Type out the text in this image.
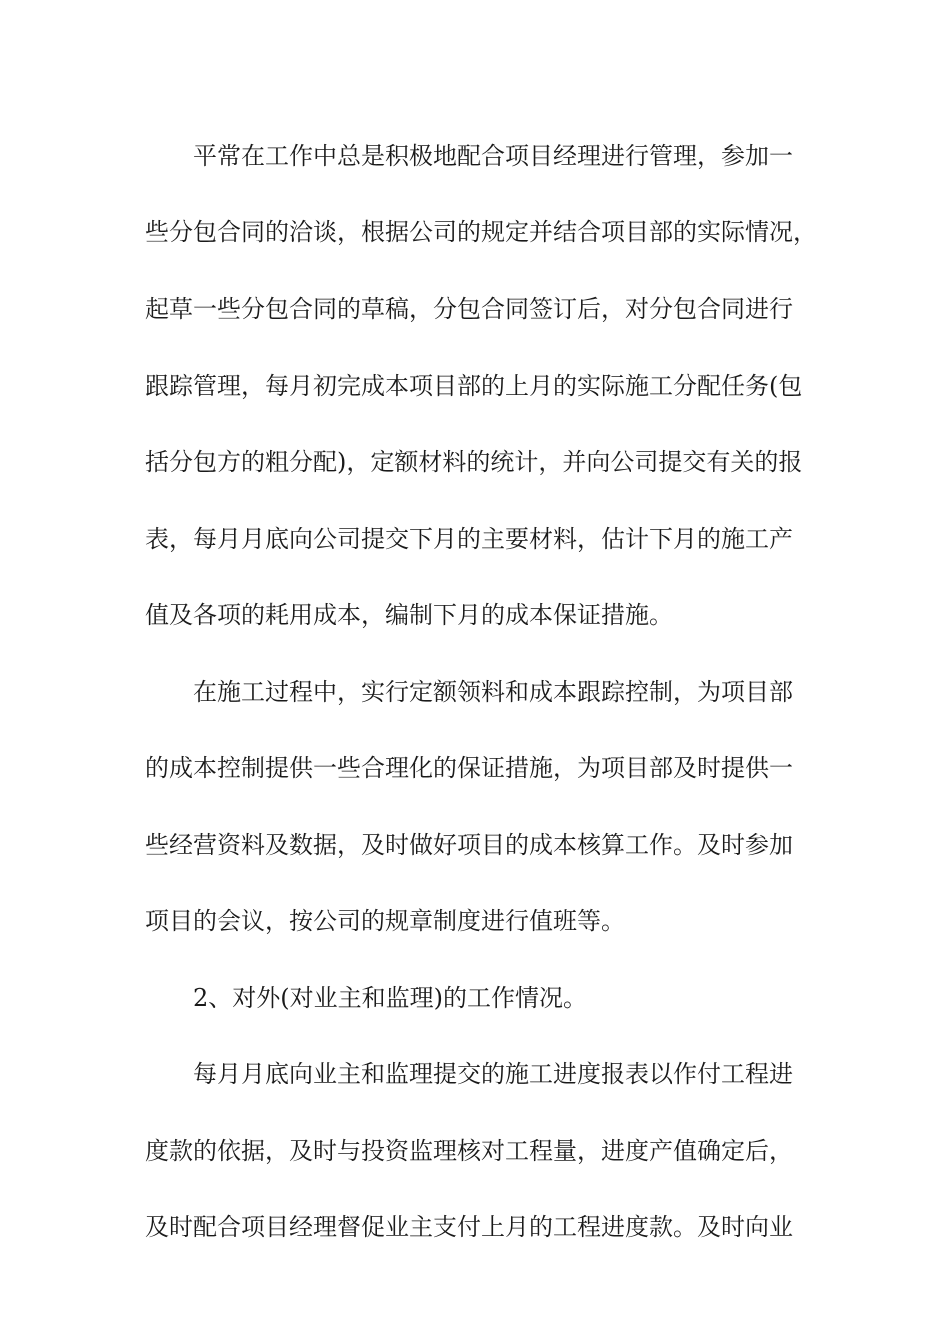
平常在工作中总是积极地配合项目经理进行管理，参加一
些分包合同的洽谈，根据公司的规定并结合项目部的实际情况，
起草一些分包合同的草稿，分包合同签订后，对分包合同进行
跟踪管理，每月初完成本项目部的上月的实际施工分配任务(包
括分包方的粗分配)，定额材料的统计，并向公司提交有关的报
表，每月月底向公司提交下月的主要材料，估计下月的施工产
值及各项的耗用成本，编制下月的成本保证措施。
在施工过程中，实行定额领料和成本跟踪控制，为项目部
的成本控制提供一些合理化的保证措施，为项目部及时提供一
些经营资料及数据，及时做好项目的成本核算工作。及时参加
项目的会议，按公司的规章制度进行值班等。
2、对外(对业主和监理)的工作情况。
每月月底向业主和监理提交的施工进度报表以作付工程进
度款的依据，及时与投资监理核对工程量，进度产值确定后，
及时配合项目经理督促业主支付上月的工程进度款。及时向业
